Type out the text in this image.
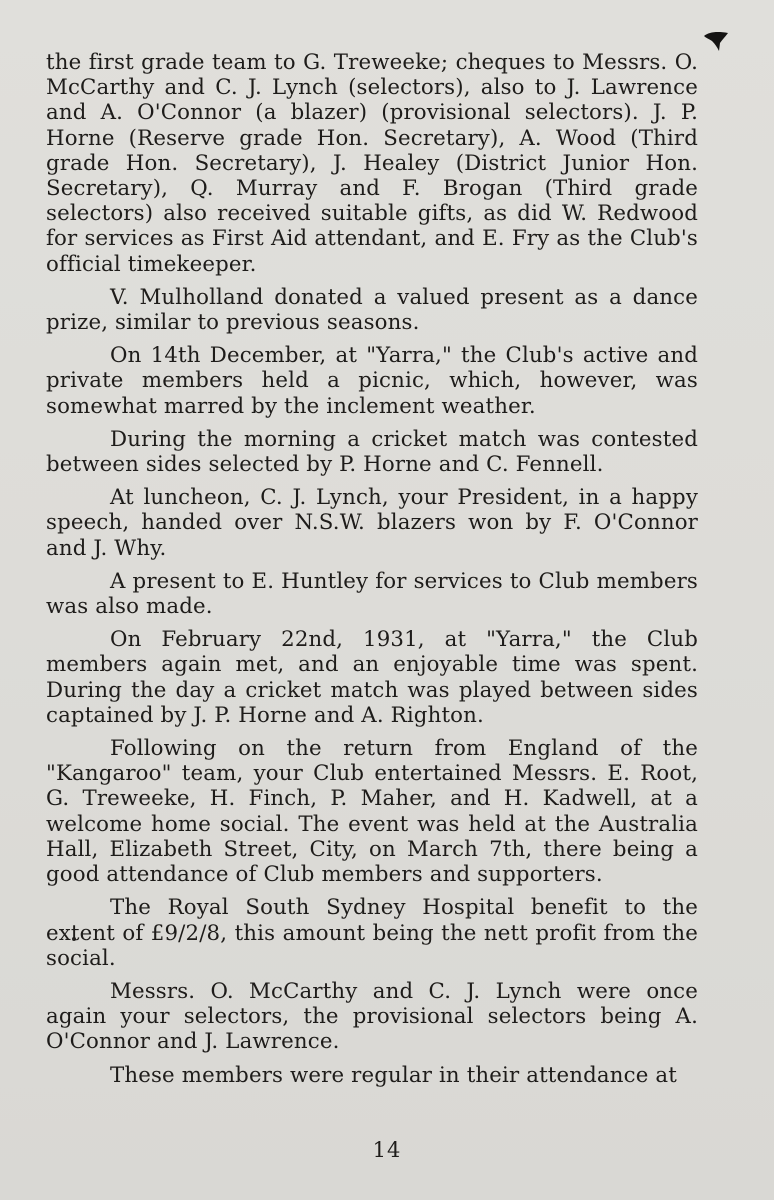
the first grade team to G. Treweeke; cheques to Messrs. O. McCarthy and C. J. Lynch (selectors), also to J. Lawrence and A. O'Connor (a blazer) (provisional selectors). J. P. Horne (Reserve grade Hon. Secretary), A. Wood (Third grade Hon. Secretary), J. Healey (District Junior Hon. Secretary), Q. Murray and F. Brogan (Third grade selectors) also received suitable gifts, as did W. Redwood for services as First Aid attendant, and E. Fry as the Club's official timekeeper.

V. Mulholland donated a valued present as a dance prize, similar to previous seasons.

On 14th December, at "Yarra," the Club's active and private members held a picnic, which, however, was somewhat marred by the inclement weather.

During the morning a cricket match was contested between sides selected by P. Horne and C. Fennell.

At luncheon, C. J. Lynch, your President, in a happy speech, handed over N.S.W. blazers won by F. O'Connor and J. Why.

A present to E. Huntley for services to Club members was also made.

On February 22nd, 1931, at "Yarra," the Club members again met, and an enjoyable time was spent. During the day a cricket match was played between sides captained by J. P. Horne and A. Righton.

Following on the return from England of the "Kangaroo" team, your Club entertained Messrs. E. Root, G. Treweeke, H. Finch, P. Maher, and H. Kadwell, at a welcome home social. The event was held at the Australia Hall, Elizabeth Street, City, on March 7th, there being a good attendance of Club members and supporters.

The Royal South Sydney Hospital benefit to the extent of £9/2/8, this amount being the nett profit from the social.

Messrs. O. McCarthy and C. J. Lynch were once again your selectors, the provisional selectors being A. O'Connor and J. Lawrence.

These members were regular in their attendance at

14
